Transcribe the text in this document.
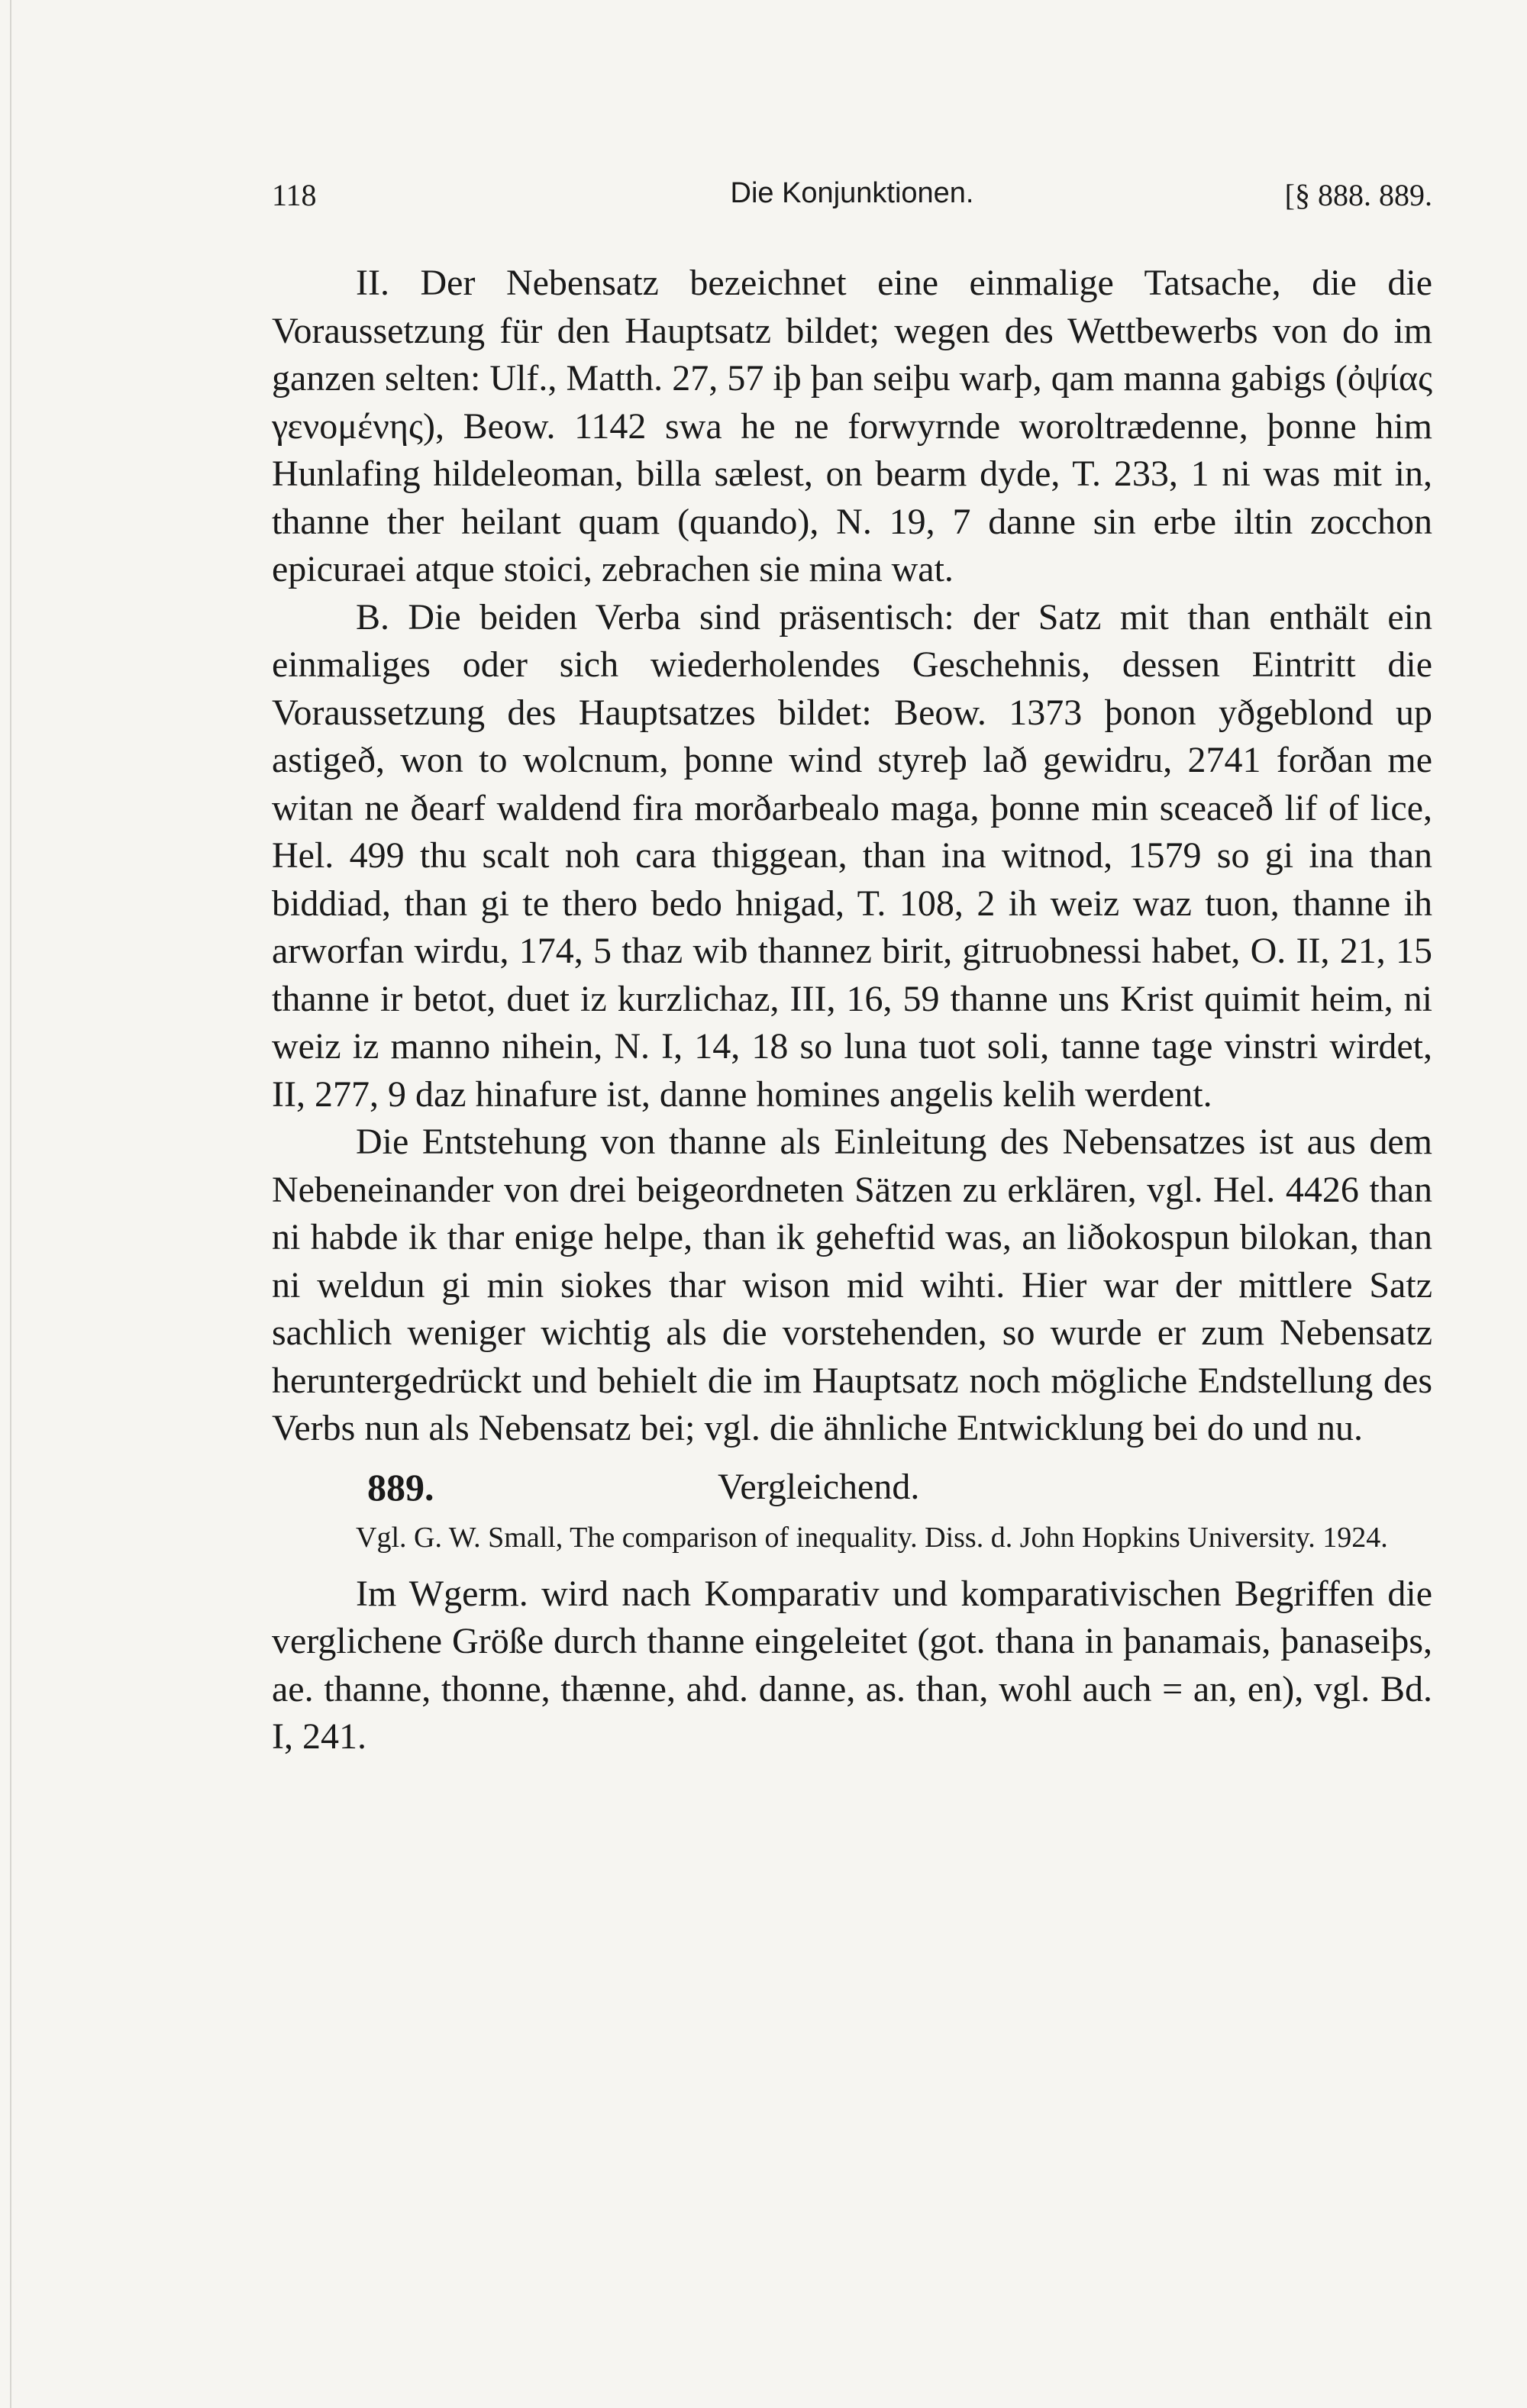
118	Die Konjunktionen.	[§ 888. 889.

II. Der Nebensatz bezeichnet eine einmalige Tatsache, die die Voraussetzung für den Hauptsatz bildet; wegen des Wettbewerbs von do im ganzen selten: Ulf., Matth. 27, 57 iþ þan seiþu warþ, qam manna gabigs (ὀψίας γενομένης), Beow. 1142 swa he ne forwyrnde woroltrædenne, þonne him Hunlafing hildeleoman, billa sælest, on bearm dyde, T. 233, 1 ni was mit in, thanne ther heilant quam (quando), N. 19, 7 danne sin erbe iltin zocchon epicuraei atque stoici, zebrachen sie mina wat.

B. Die beiden Verba sind präsentisch: der Satz mit than enthält ein einmaliges oder sich wiederholendes Geschehnis, dessen Eintritt die Voraussetzung des Hauptsatzes bildet: Beow. 1373 þonon yðgeblond up astigeð, won to wolcnum, þonne wind styreþ lað gewidru, 2741 forðan me witan ne ðearf waldend fira morðarbealo maga, þonne min sceaceð lif of lice, Hel. 499 thu scalt noh cara thiggean, than ina witnod, 1579 so gi ina than biddiad, than gi te thero bedo hnigad, T. 108, 2 ih weiz waz tuon, thanne ih arworfan wirdu, 174, 5 thaz wib thannez birit, gitruobnessi habet, O. II, 21, 15 thanne ir betot, duet iz kurzlichaz, III, 16, 59 thanne uns Krist quimit heim, ni weiz iz manno nihein, N. I, 14, 18 so luna tuot soli, tanne tage vinstri wirdet, II, 277, 9 daz hinafure ist, danne homines angelis kelih werdent.

Die Entstehung von thanne als Einleitung des Nebensatzes ist aus dem Nebeneinander von drei beigeordneten Sätzen zu erklären, vgl. Hel. 4426 than ni habde ik thar enige helpe, than ik geheftid was, an liðokospun bilokan, than ni weldun gi min siokes thar wison mid wihti. Hier war der mittlere Satz sachlich weniger wichtig als die vorstehenden, so wurde er zum Nebensatz heruntergedrückt und behielt die im Hauptsatz noch mögliche Endstellung des Verbs nun als Nebensatz bei; vgl. die ähnliche Entwicklung bei do und nu.

889.	Vergleichend.

Vgl. G. W. Small, The comparison of inequality. Diss. d. John Hopkins University. 1924.

Im Wgerm. wird nach Komparativ und komparativischen Begriffen die verglichene Größe durch thanne eingeleitet (got. thana in þanamais, þanaseiþs, ae. thanne, thonne, thænne, ahd. danne, as. than, wohl auch = an, en), vgl. Bd. I, 241.
